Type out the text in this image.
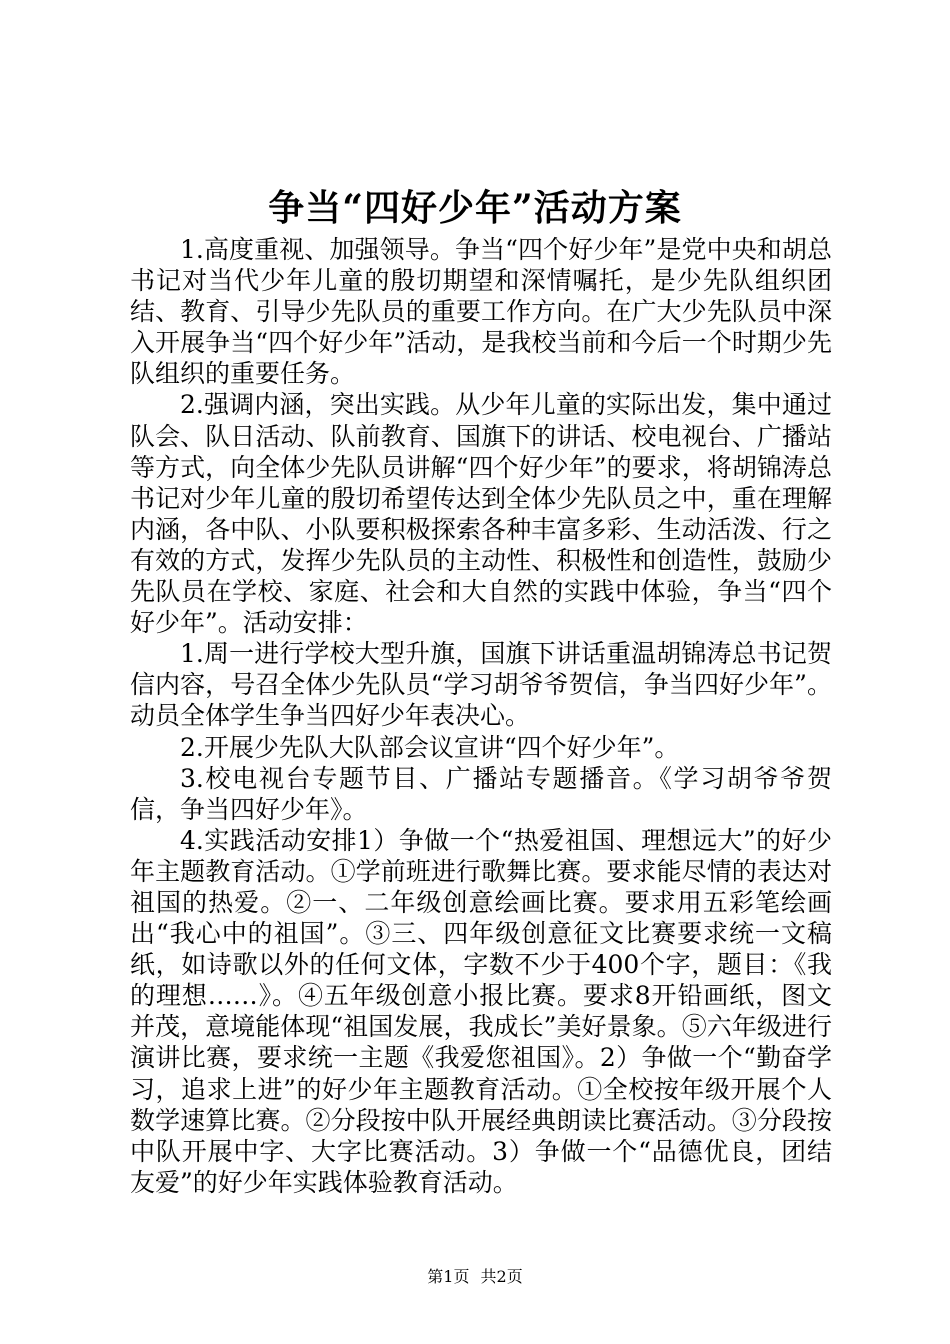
争当“四好少年”活动方案

1.高度重视、加强领导。争当“四个好少年”是党中央和胡总书记对当代少年儿童的殷切期望和深情嘱托，是少先队组织团结、教育、引导少先队员的重要工作方向。在广大少先队员中深入开展争当“四个好少年”活动，是我校当前和今后一个时期少先队组织的重要任务。

2.强调内涵，突出实践。从少年儿童的实际出发，集中通过队会、队日活动、队前教育、国旗下的讲话、校电视台、广播站等方式，向全体少先队员讲解“四个好少年”的要求，将胡锦涛总书记对少年儿童的殷切希望传达到全体少先队员之中，重在理解内涵，各中队、小队要积极探索各种丰富多彩、生动活泼、行之有效的方式，发挥少先队员的主动性、积极性和创造性，鼓励少先队员在学校、家庭、社会和大自然的实践中体验，争当“四个好少年”。活动安排：

1.周一进行学校大型升旗，国旗下讲话重温胡锦涛总书记贺信内容，号召全体少先队员“学习胡爷爷贺信，争当四好少年”。动员全体学生争当四好少年表决心。

2.开展少先队大队部会议宣讲“四个好少年”。

3.校电视台专题节目、广播站专题播音。《学习胡爷爷贺信，争当四好少年》。

4.实践活动安排1）争做一个“热爱祖国、理想远大”的好少年主题教育活动。①学前班进行歌舞比赛。要求能尽情的表达对祖国的热爱。②一、二年级创意绘画比赛。要求用五彩笔绘画出“我心中的祖国”。③三、四年级创意征文比赛要求统一文稿纸，如诗歌以外的任何文体，字数不少于400个字，题目：《我的理想……》。④五年级创意小报比赛。要求8开铅画纸，图文并茂，意境能体现“祖国发展，我成长”美好景象。⑤六年级进行演讲比赛，要求统一主题《我爱您祖国》。2）争做一个“勤奋学习，追求上进”的好少年主题教育活动。①全校按年级开展个人数学速算比赛。②分段按中队开展经典朗读比赛活动。③分段按中队开展中字、大字比赛活动。3）争做一个“品德优良，团结友爱”的好少年实践体验教育活动。

第1页 共2页
